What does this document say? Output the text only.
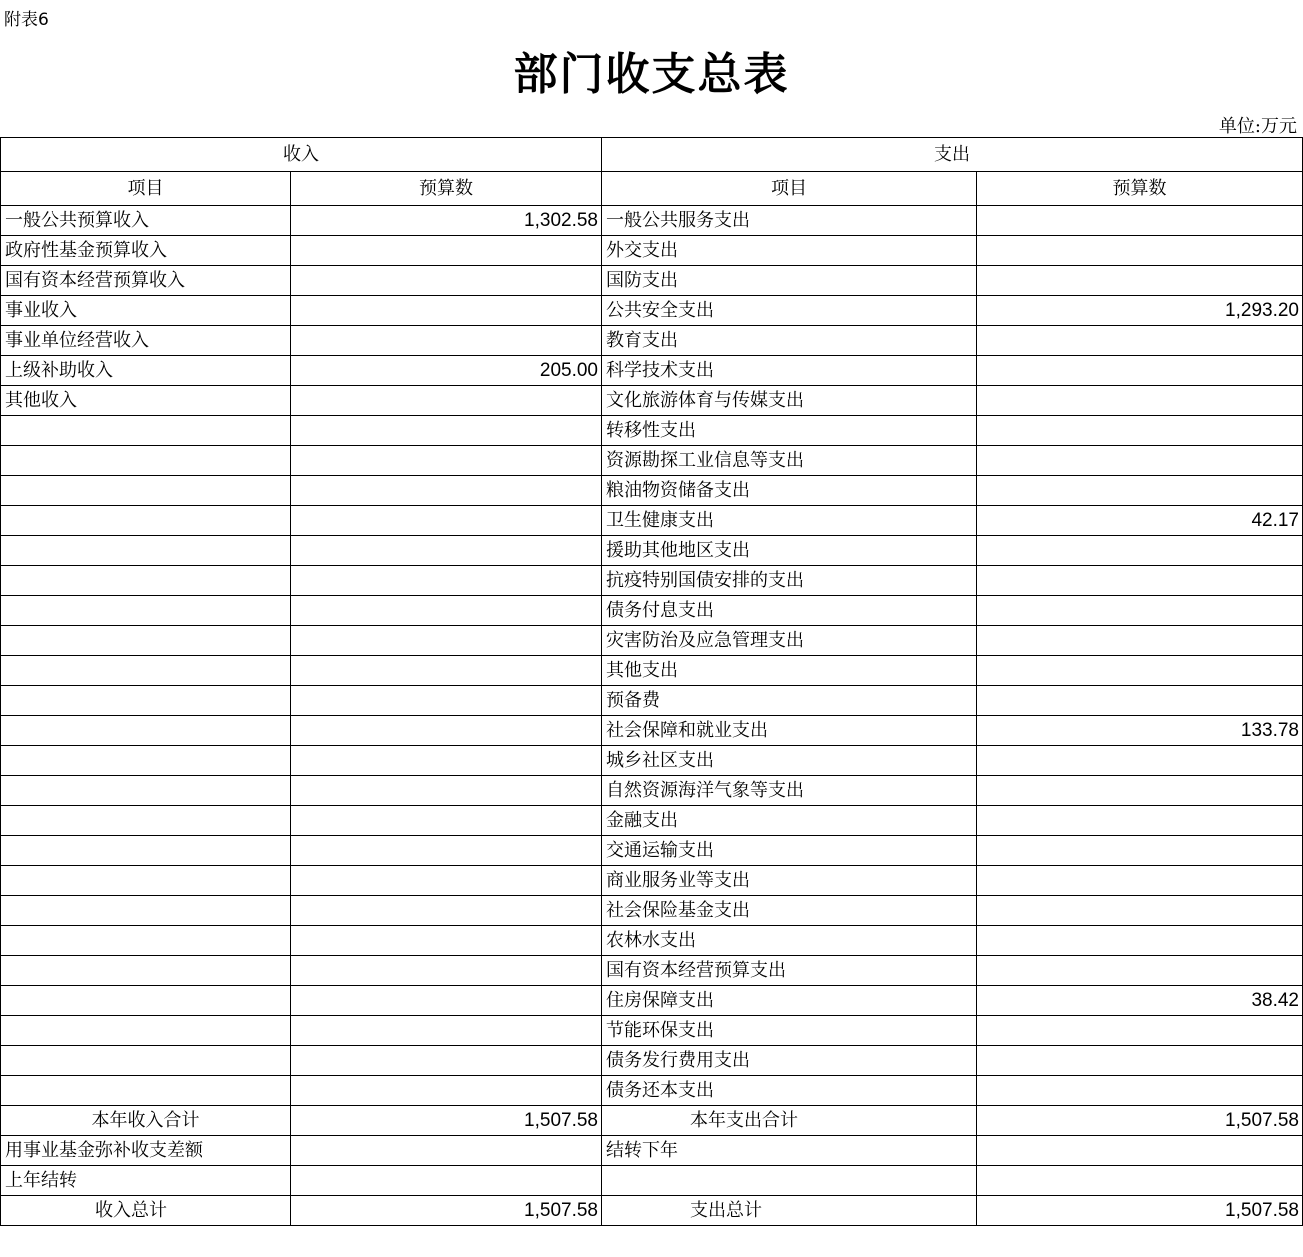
附表6
部门收支总表
单位:万元
收入		支出	
项目	预算数	项目	预算数
一般公共预算收入	1,302.58	一般公共服务支出	
政府性基金预算收入		外交支出	
国有资本经营预算收入		国防支出	
事业收入		公共安全支出	1,293.20
事业单位经营收入		教育支出	
上级补助收入	205.00	科学技术支出	
其他收入		文化旅游体育与传媒支出	
		转移性支出	
		资源勘探工业信息等支出	
		粮油物资储备支出	
		卫生健康支出	42.17
		援助其他地区支出	
		抗疫特别国债安排的支出	
		债务付息支出	
		灾害防治及应急管理支出	
		其他支出	
		预备费	
		社会保障和就业支出	133.78
		城乡社区支出	
		自然资源海洋气象等支出	
		金融支出	
		交通运输支出	
		商业服务业等支出	
		社会保险基金支出	
		农林水支出	
		国有资本经营预算支出	
		住房保障支出	38.42
		节能环保支出	
		债务发行费用支出	
		债务还本支出	
本年收入合计	1,507.58	本年支出合计	1,507.58
用事业基金弥补收支差额		结转下年	
上年结转			
收入总计	1,507.58	支出总计	1,507.58
